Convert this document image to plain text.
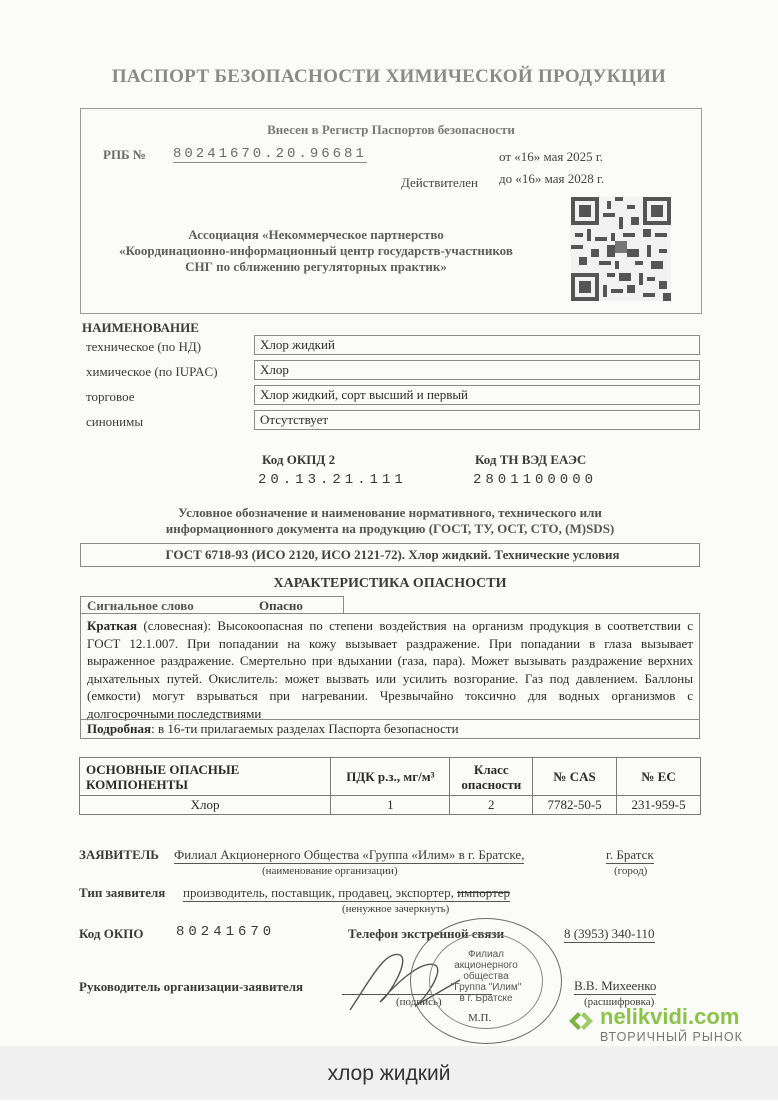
ПАСПОРТ БЕЗОПАСНОСТИ ХИМИЧЕСКОЙ ПРОДУКЦИИ
Внесен в Регистр Паспортов безопасности
РПБ № 80241670.20.96681	от «16» мая 2025 г.
Действителен до «16» мая 2028 г.
Ассоциация «Некоммерческое партнерство
«Координационно-информационный центр государств-участников
СНГ по сближению регуляторных практик»
НАИМЕНОВАНИЕ
техническое (по НД)	Хлор жидкий
химическое (по IUPAC)	Хлор
торговое	Хлор жидкий, сорт высший и первый
синонимы	Отсутствует
Код ОКПД 2
20.13.21.111
Код ТН ВЭД ЕАЭС
2801100000
Условное обозначение и наименование нормативного, технического или
информационного документа на продукцию (ГОСТ, ТУ, ОСТ, СТО, (М)SDS)
ГОСТ 6718-93 (ИСО 2120, ИСО 2121-72). Хлор жидкий. Технические условия
ХАРАКТЕРИСТИКА ОПАСНОСТИ
Сигнальное слово	Опасно
Краткая (словесная): Высокоопасная по степени воздействия на организм продукция в соответствии с ГОСТ 12.1.007. При попадании на кожу вызывает раздражение. При попадании в глаза вызывает выраженное раздражение. Смертельно при вдыхании (газа, пара). Может вызывать раздражение верхних дыхательных путей. Окислитель: может вызвать или усилить возгорание. Газ под давлением. Баллоны (емкости) могут взрываться при нагревании. Чрезвычайно токсично для водных организмов с долгосрочными последствиями
Подробная: в 16-ти прилагаемых разделах Паспорта безопасности
ОСНОВНЫЕ ОПАСНЫЕ КОМПОНЕНТЫ	ПДК р.з., мг/м³	Класс опасности	№ CAS	№ ЕС
Хлор	1	2	7782-50-5	231-959-5
ЗАЯВИТЕЛЬ Филиал Акционерного Общества «Группа «Илим» в г. Братске,
(наименование организации)
г. Братск
(город)
Тип заявителя производитель, поставщик, продавец, экспортер, импортер
(ненужное зачеркнуть)
Код ОКПО 80241670	Телефон экстренной связи	8 (3953) 340-110
Руководитель организации-заявителя
(подпись)
В.В. Михеенко
(расшифровка)
М.П.
Филиал
акционерного
общества
"Группа "Илим"
в г. Братске
nelikvidi.com
ВТОРИЧНЫЙ РЫНОК
хлор жидкий
